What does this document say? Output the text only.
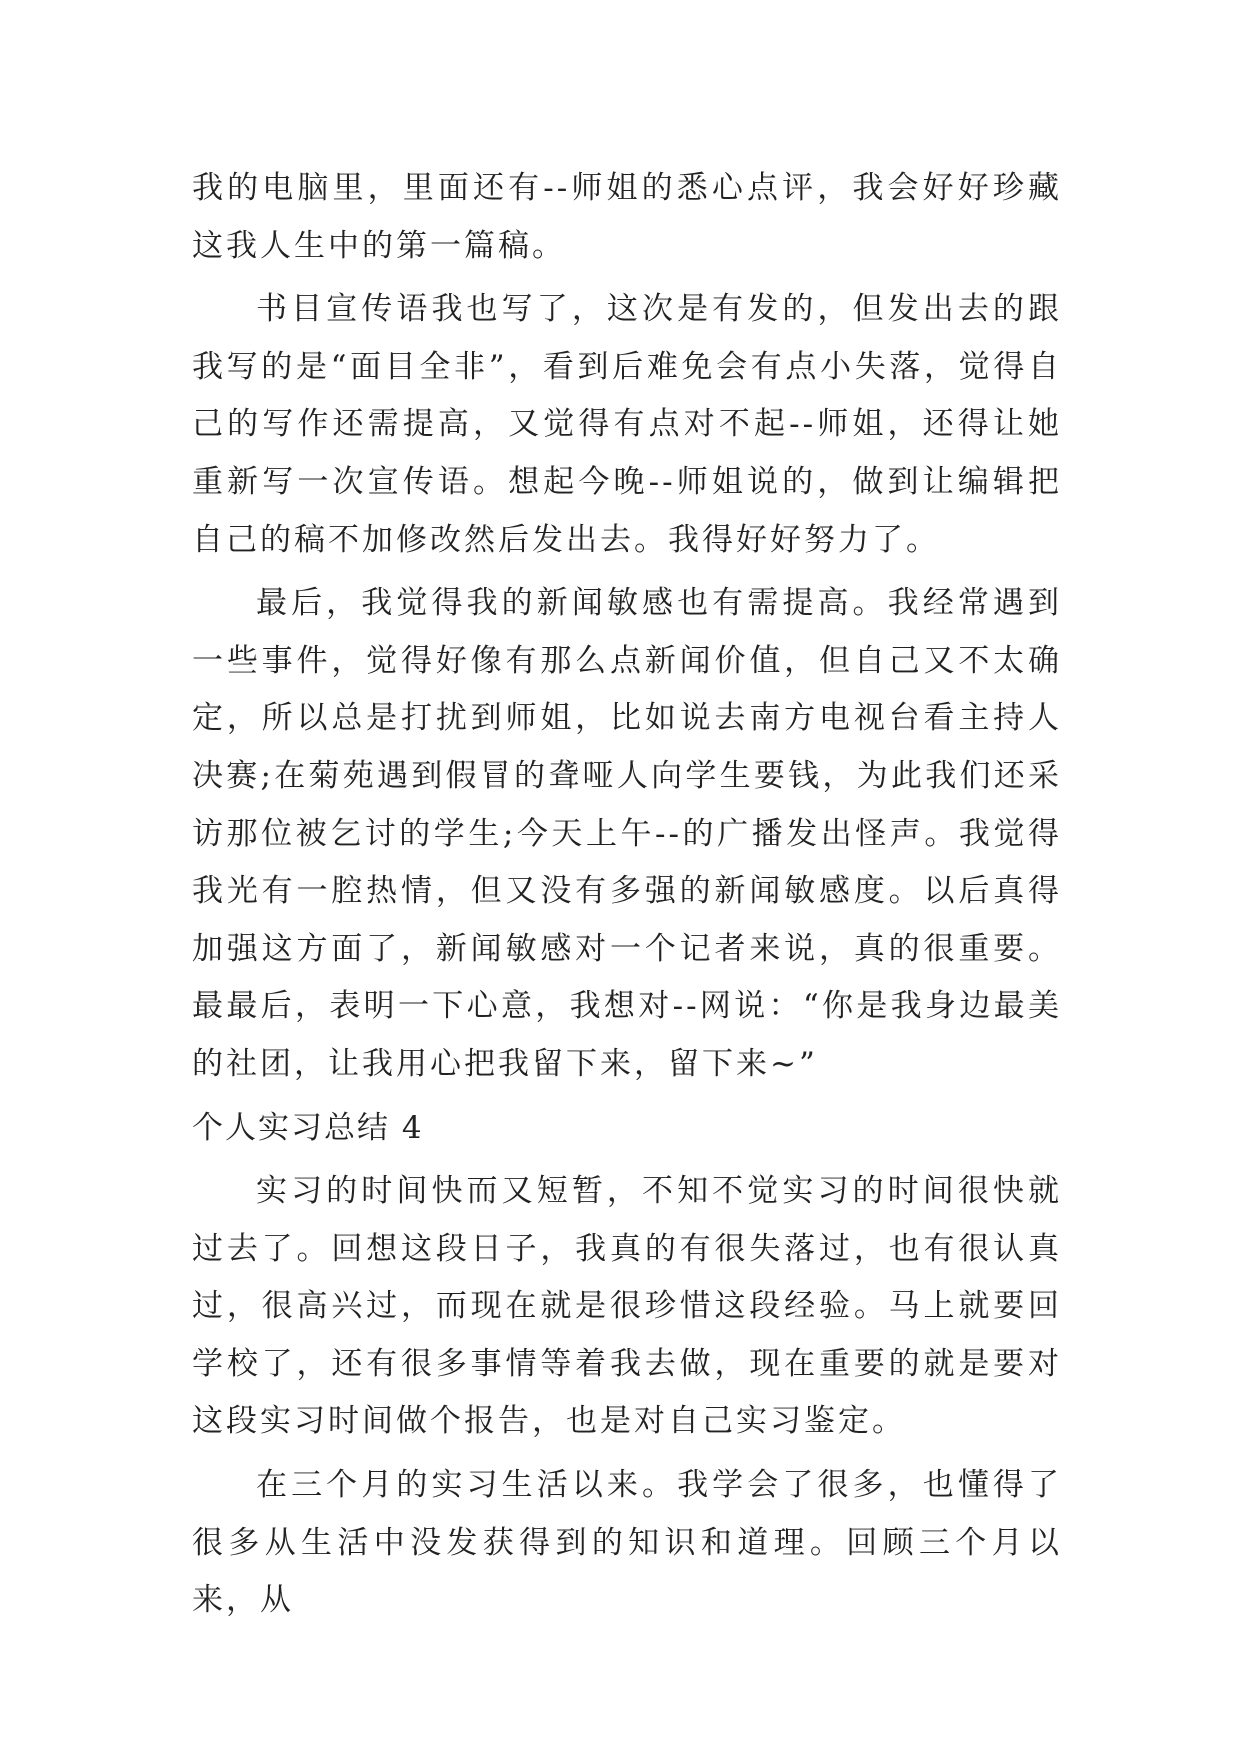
我的电脑里，里面还有--师姐的悉心点评，我会好好珍藏这我人生中的第一篇稿。

书目宣传语我也写了，这次是有发的，但发出去的跟我写的是“面目全非”，看到后难免会有点小失落，觉得自己的写作还需提高，又觉得有点对不起--师姐，还得让她重新写一次宣传语。想起今晚--师姐说的，做到让编辑把自己的稿不加修改然后发出去。我得好好努力了。

最后，我觉得我的新闻敏感也有需提高。我经常遇到一些事件，觉得好像有那么点新闻价值，但自己又不太确定，所以总是打扰到师姐，比如说去南方电视台看主持人决赛;在菊苑遇到假冒的聋哑人向学生要钱，为此我们还采访那位被乞讨的学生;今天上午--的广播发出怪声。我觉得我光有一腔热情，但又没有多强的新闻敏感度。以后真得加强这方面了，新闻敏感对一个记者来说，真的很重要。最最后，表明一下心意，我想对--网说：“你是我身边最美的社团，让我用心把我留下来，留下来~”

个人实习总结 4

实习的时间快而又短暂，不知不觉实习的时间很快就过去了。回想这段日子，我真的有很失落过，也有很认真过，很高兴过，而现在就是很珍惜这段经验。马上就要回学校了，还有很多事情等着我去做，现在重要的就是要对这段实习时间做个报告，也是对自己实习鉴定。

在三个月的实习生活以来。我学会了很多，也懂得了很多从生活中没发获得到的知识和道理。回顾三个月以来，从
